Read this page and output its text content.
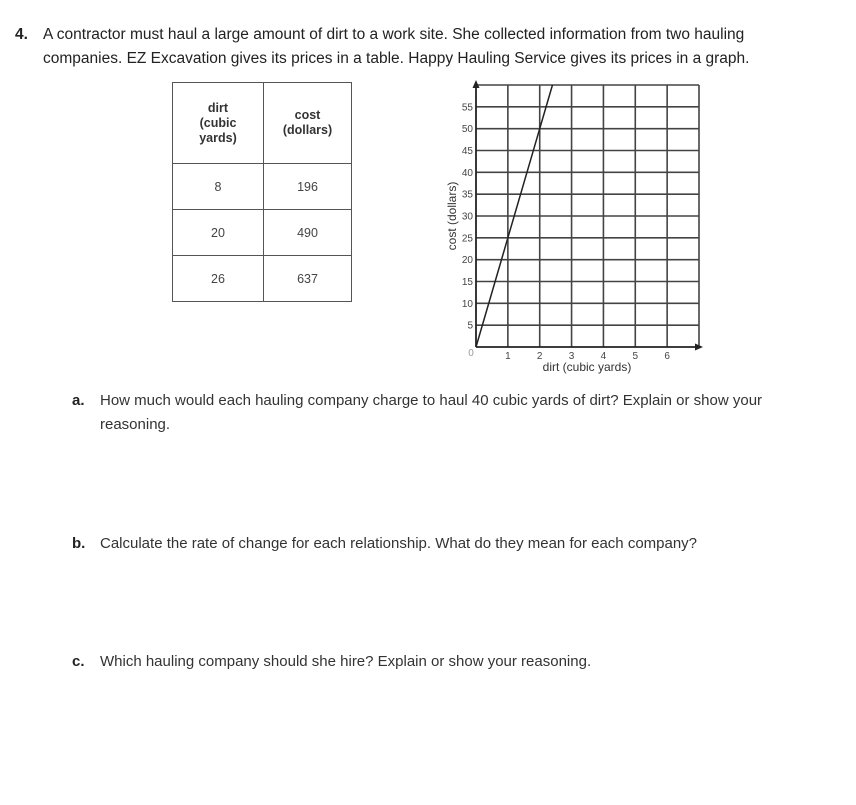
4. A contractor must haul a large amount of dirt to a work site. She collected information from two hauling
companies. EZ Excavation gives its prices in a table. Happy Hauling Service gives its prices in a graph.
dirt
(cubic
yards)

cost
(dollars)

8	196
20	490
26	637
1	2	3	4	5	6
5
10
15
20
25
30
35
40
45
50
55
0
dirt (cubic yards)
cost (dollars)
a. How much would each hauling company charge to haul 40 cubic yards of dirt? Explain or show your
reasoning.
b. Calculate the rate of change for each relationship. What do they mean for each company?
c. Which hauling company should she hire? Explain or show your reasoning.
